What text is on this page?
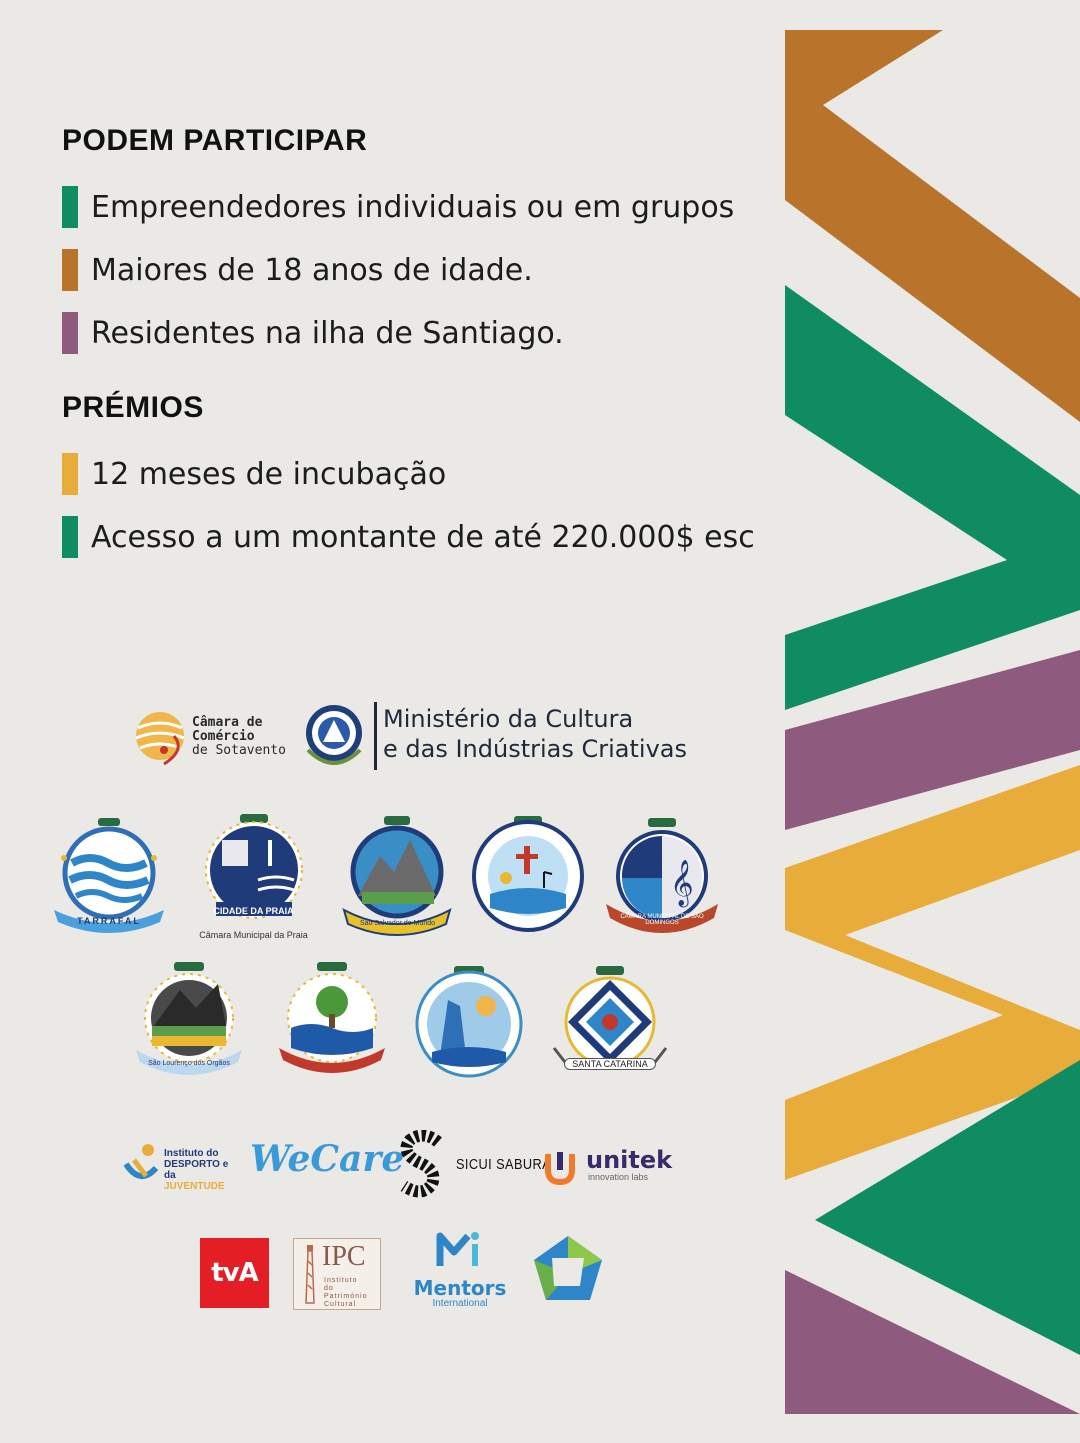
PODEM PARTICIPAR
Empreendedores individuais ou em grupos
Maiores de 18 anos de idade.
Residentes na ilha de Santiago.
PRÉMIOS
12 meses de incubação
Acesso a um montante de até 220.000$ esc
Câmara de
Comércio
de Sotavento
Ministério da Cultura
e das Indústrias Criativas
TARRAFAL
CIDADE DA PRAIA
Câmara Municipal da Praia
São Salvador do Mundo
𝄞
CÂMARA MUNICIPAL DE SÃO DOMINGOS
São Lourenço dos Órgãos	SANTA CATARINA
Instituto do
DESPORTO e da
JUVENTUDE
WeCare	SICUI SABURA unitek
innovation labs
tvA
IPC
Instituto
do Património
Cultural
Mentors
International
